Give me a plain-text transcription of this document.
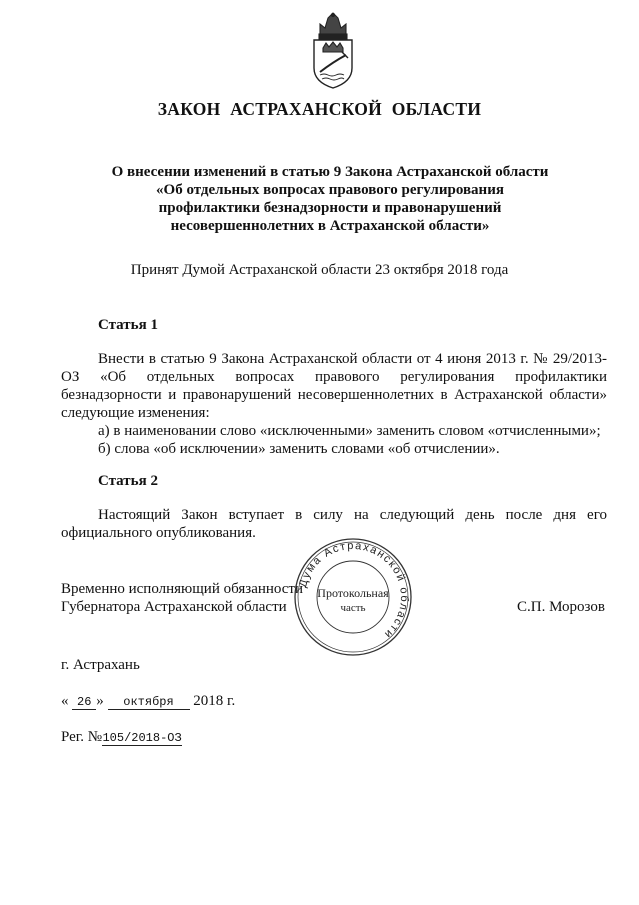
ЗАКОН АСТРАХАНСКОЙ ОБЛАСТИ
О внесении изменений в статью 9 Закона Астраханской области
«Об отдельных вопросах правового регулирования
профилактики безнадзорности и правонарушений
несовершеннолетних в Астраханской области»
Принят Думой Астраханской области 23 октября 2018 года
Статья 1
Внести в статью 9 Закона Астраханской области от 4 июня 2013 г. № 29/2013-ОЗ «Об отдельных вопросах правового регулирования профилактики безнадзорности и правонарушений несовершеннолетних в Астраханской области» следующие изменения:
а) в наименовании слово «исключенными» заменить словом «отчисленными»;
б) слова «об исключении» заменить словами «об отчислении».
Статья 2
Настоящий Закон вступает в силу на следующий день после дня его официального опубликования.
Временно исполняющий обязанности
Губернатора Астраханской области	С.П. Морозов
Дума Астраханской области
Протокольная
часть
г. Астрахань
« 26 » октября 2018 г.
Рег. №105/2018-ОЗ
